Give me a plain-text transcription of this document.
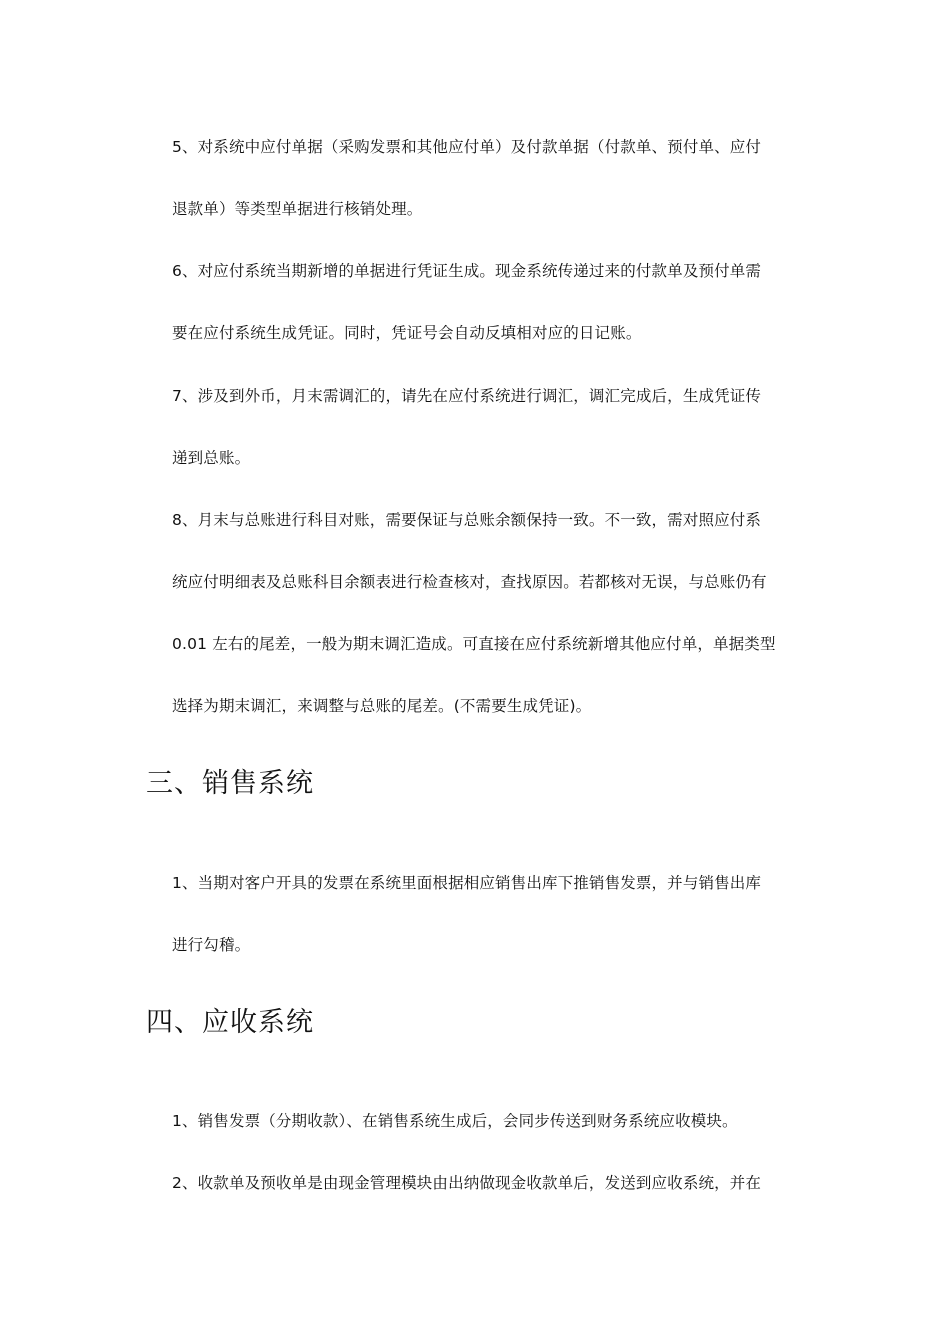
5、对系统中应付单据（采购发票和其他应付单）及付款单据（付款单、预付单、应付
退款单）等类型单据进行核销处理。
6、对应付系统当期新增的单据进行凭证生成。现金系统传递过来的付款单及预付单需
要在应付系统生成凭证。同时，凭证号会自动反填相对应的日记账。
7、涉及到外币，月末需调汇的，请先在应付系统进行调汇，调汇完成后，生成凭证传
递到总账。
8、月末与总账进行科目对账，需要保证与总账余额保持一致。不一致，需对照应付系
统应付明细表及总账科目余额表进行检查核对，查找原因。若都核对无误，与总账仍有
0.01 左右的尾差，一般为期末调汇造成。可直接在应付系统新增其他应付单，单据类型
选择为期末调汇，来调整与总账的尾差。(不需要生成凭证)。
三、销售系统
1、当期对客户开具的发票在系统里面根据相应销售出库下推销售发票，并与销售出库
进行勾稽。
四、应收系统
1、销售发票（分期收款）、在销售系统生成后，会同步传送到财务系统应收模块。
2、收款单及预收单是由现金管理模块由出纳做现金收款单后，发送到应收系统，并在
